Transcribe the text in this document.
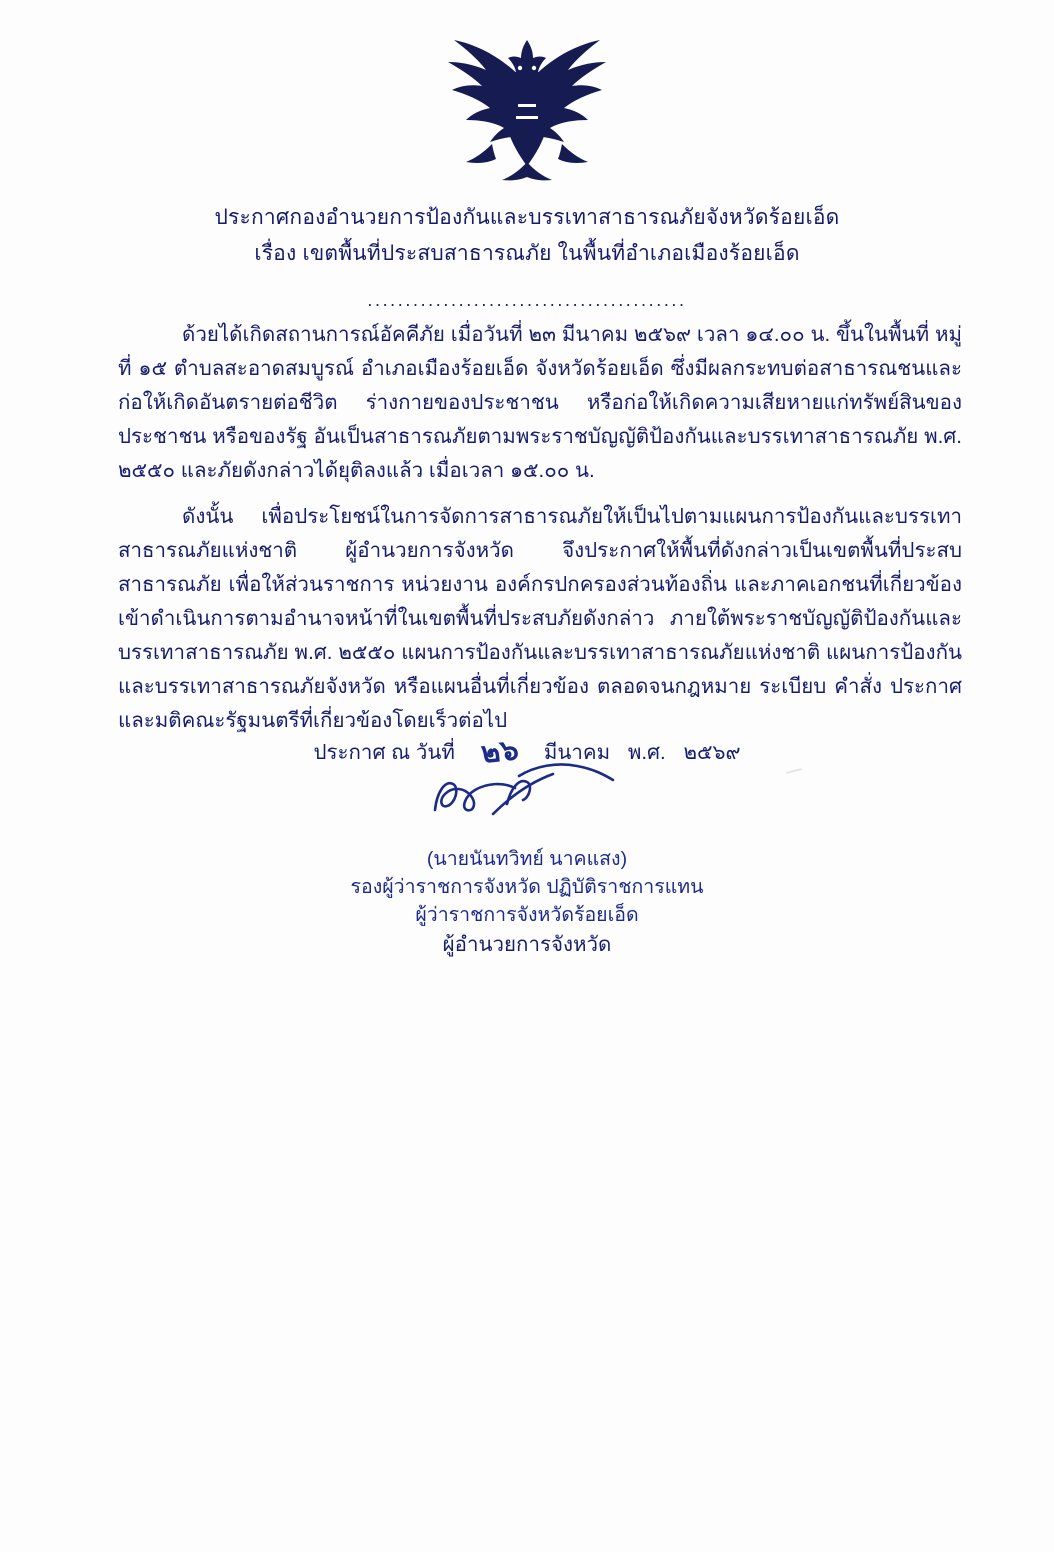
ประกาศกองอำนวยการป้องกันและบรรเทาสาธารณภัยจังหวัดร้อยเอ็ด
เรื่อง เขตพื้นที่ประสบสาธารณภัย ในพื้นที่อำเภอเมืองร้อยเอ็ด
..........................................

ด้วยได้เกิดสถานการณ์อัคคีภัย เมื่อวันที่ ๒๓ มีนาคม ๒๕๖๙ เวลา ๑๔.๐๐ น. ขึ้นในพื้นที่ หมู่ที่ ๑๕ ตำบลสะอาดสมบูรณ์ อำเภอเมืองร้อยเอ็ด จังหวัดร้อยเอ็ด ซึ่งมีผลกระทบต่อสาธารณชนและก่อให้เกิดอันตรายต่อชีวิต ร่างกายของประชาชน หรือก่อให้เกิดความเสียหายแก่ทรัพย์สินของประชาชน หรือของรัฐ อันเป็นสาธารณภัยตามพระราชบัญญัติป้องกันและบรรเทาสาธารณภัย พ.ศ. ๒๕๕๐ และภัยดังกล่าวได้ยุติลงแล้ว เมื่อเวลา ๑๕.๐๐ น.

ดังนั้น เพื่อประโยชน์ในการจัดการสาธารณภัยให้เป็นไปตามแผนการป้องกันและบรรเทาสาธารณภัยแห่งชาติ ผู้อำนวยการจังหวัด จึงประกาศให้พื้นที่ดังกล่าวเป็นเขตพื้นที่ประสบสาธารณภัย เพื่อให้ส่วนราชการ หน่วยงาน องค์กรปกครองส่วนท้องถิ่น และภาคเอกชนที่เกี่ยวข้อง เข้าดำเนินการตามอำนาจหน้าที่ในเขตพื้นที่ประสบภัยดังกล่าว ภายใต้พระราชบัญญัติป้องกันและบรรเทาสาธารณภัย พ.ศ. ๒๕๕๐ แผนการป้องกันและบรรเทาสาธารณภัยแห่งชาติ แผนการป้องกันและบรรเทาสาธารณภัยจังหวัด หรือแผนอื่นที่เกี่ยวข้อง ตลอดจนกฎหมาย ระเบียบ คำสั่ง ประกาศ และมติคณะรัฐมนตรีที่เกี่ยวข้องโดยเร็วต่อไป

ประกาศ ณ วันที่ ๒๖ มีนาคม พ.ศ. ๒๕๖๙
(นายนันทวิทย์ นาคแสง)
รองผู้ว่าราชการจังหวัด ปฏิบัติราชการแทน
ผู้ว่าราชการจังหวัดร้อยเอ็ด
ผู้อำนวยการจังหวัด
